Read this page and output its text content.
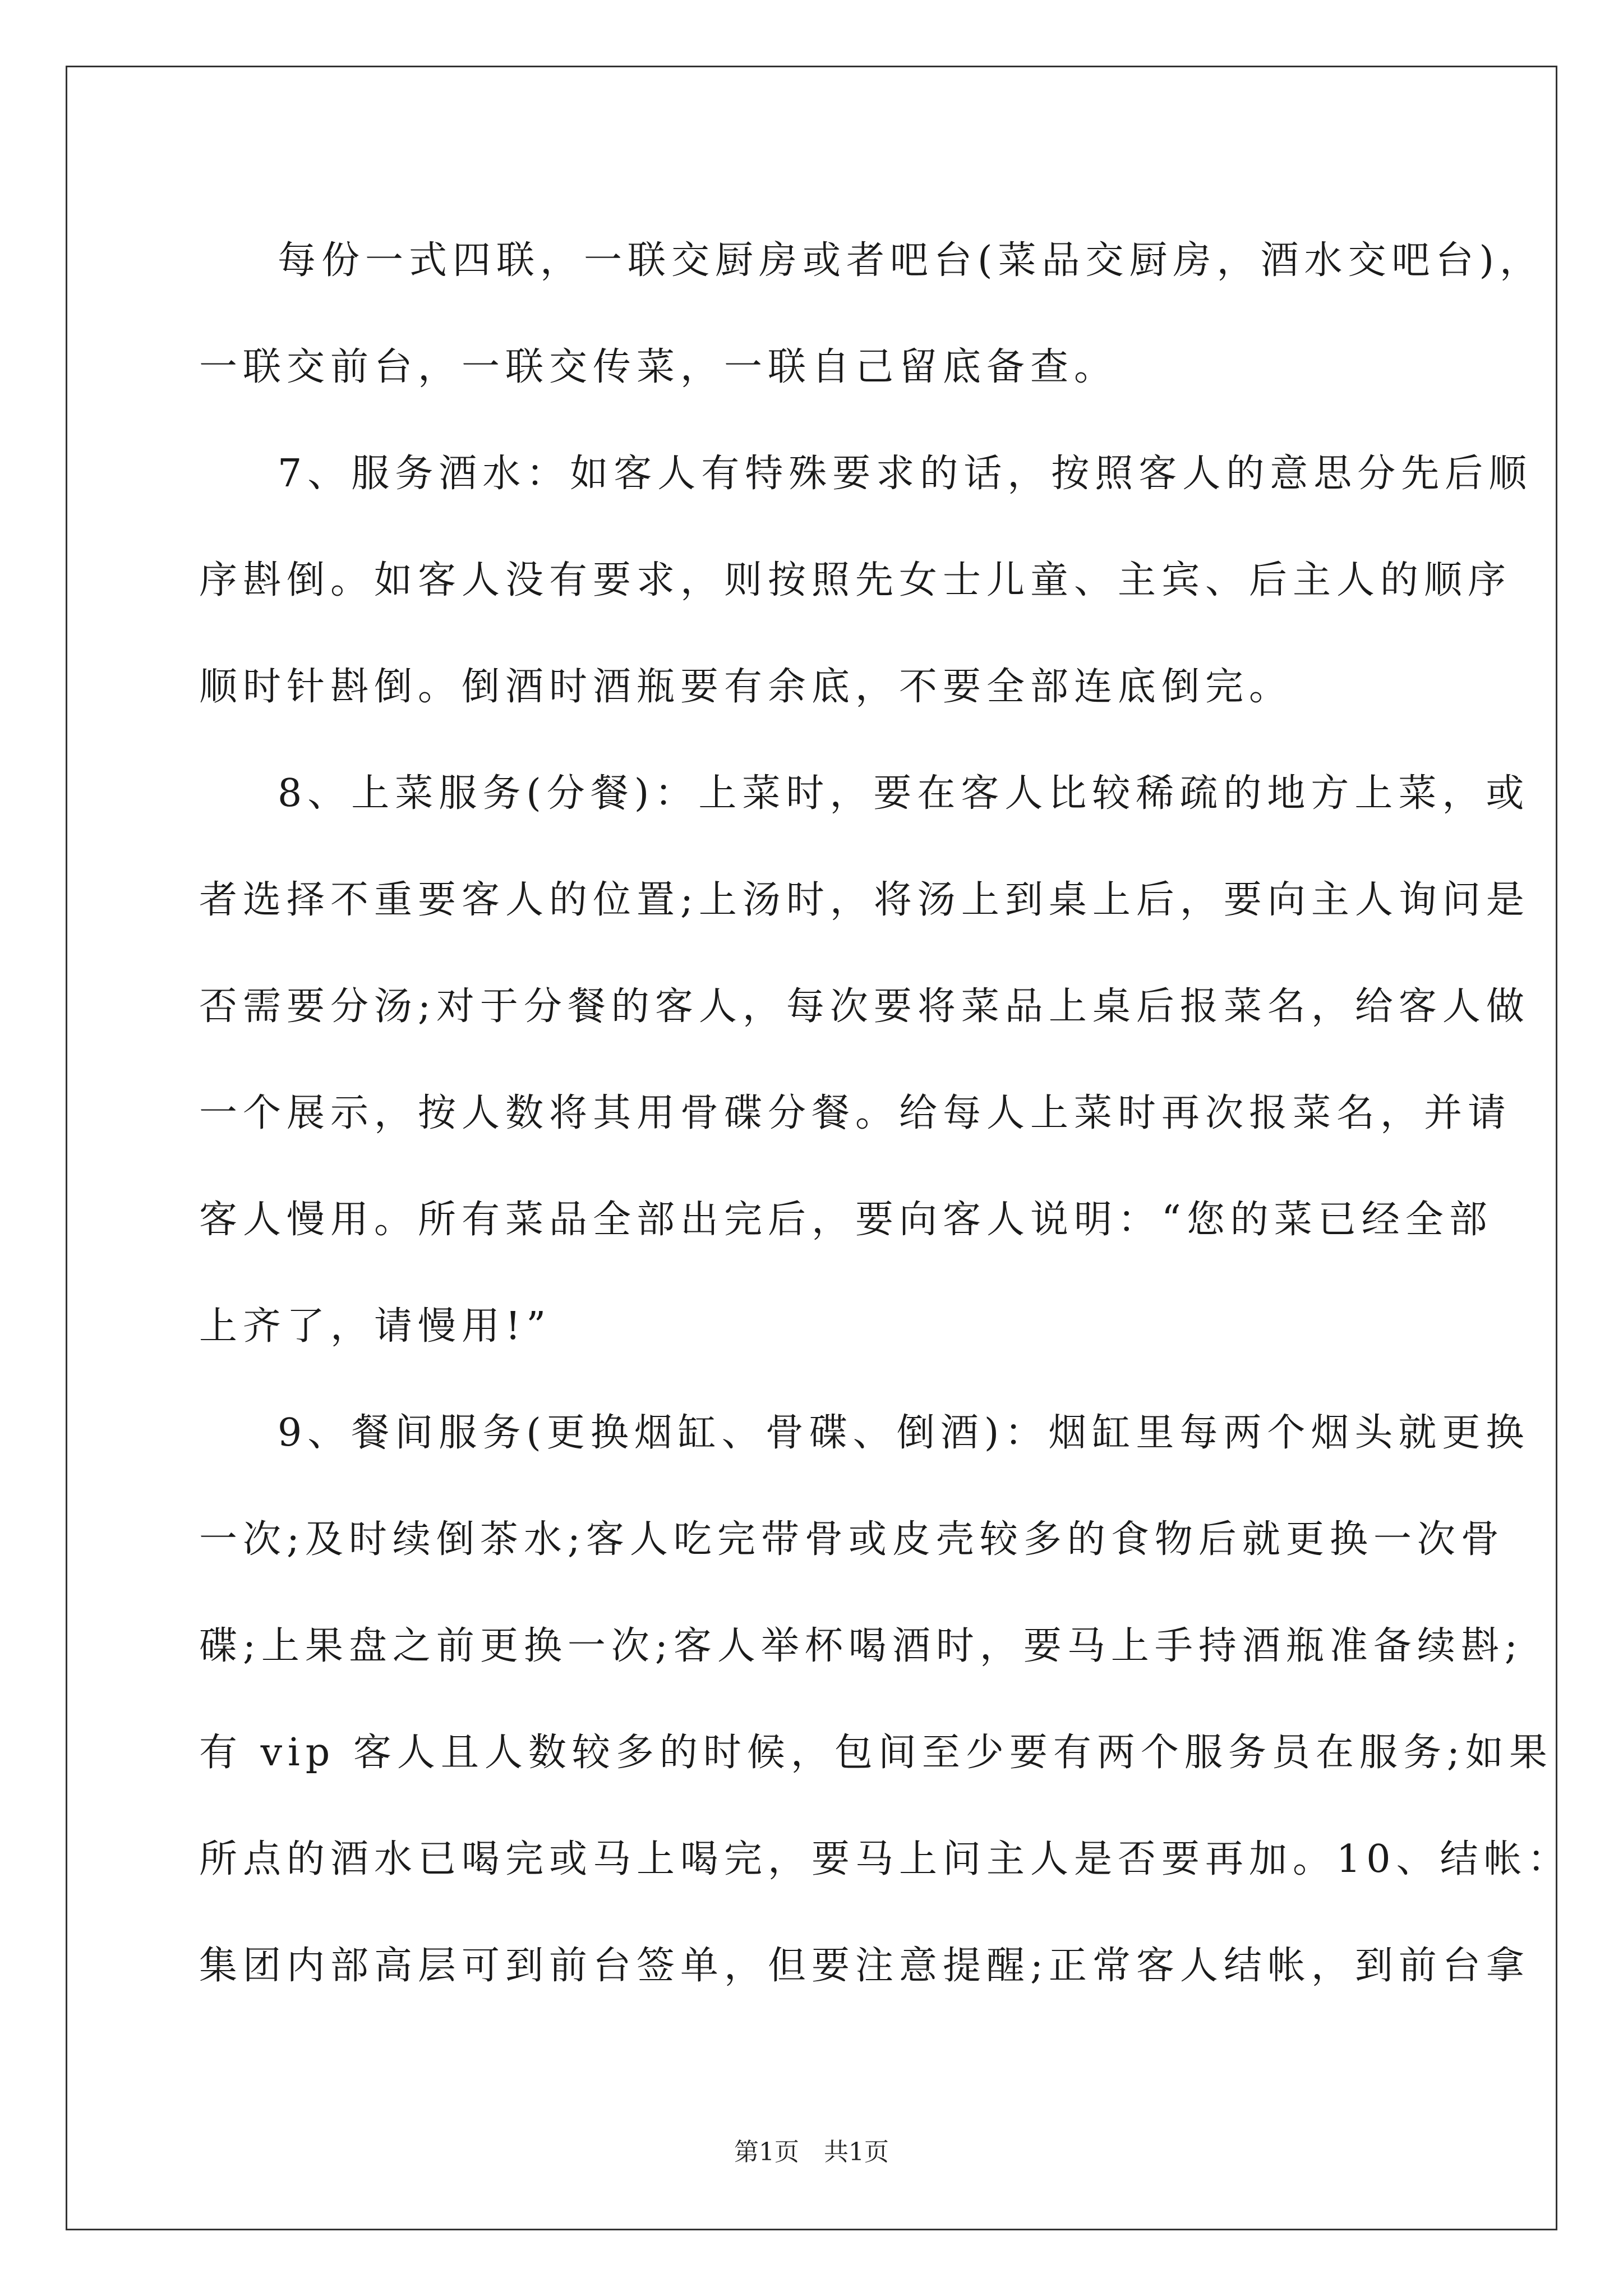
每份一式四联，一联交厨房或者吧台(菜品交厨房，酒水交吧台)，
一联交前台，一联交传菜，一联自己留底备查。
7、服务酒水：如客人有特殊要求的话，按照客人的意思分先后顺
序斟倒。如客人没有要求，则按照先女士儿童、主宾、后主人的顺序
顺时针斟倒。倒酒时酒瓶要有余底，不要全部连底倒完。
8、上菜服务(分餐)：上菜时，要在客人比较稀疏的地方上菜，或
者选择不重要客人的位置;上汤时，将汤上到桌上后，要向主人询问是
否需要分汤;对于分餐的客人，每次要将菜品上桌后报菜名，给客人做
一个展示，按人数将其用骨碟分餐。给每人上菜时再次报菜名，并请
客人慢用。所有菜品全部出完后，要向客人说明：“您的菜已经全部
上齐了，请慢用!”
9、餐间服务(更换烟缸、骨碟、倒酒)：烟缸里每两个烟头就更换
一次;及时续倒茶水;客人吃完带骨或皮壳较多的食物后就更换一次骨
碟;上果盘之前更换一次;客人举杯喝酒时，要马上手持酒瓶准备续斟;
有 vip 客人且人数较多的时候，包间至少要有两个服务员在服务;如果
所点的酒水已喝完或马上喝完，要马上问主人是否要再加。10、结帐：
集团内部高层可到前台签单，但要注意提醒;正常客人结帐，到前台拿
第1页　共1页
